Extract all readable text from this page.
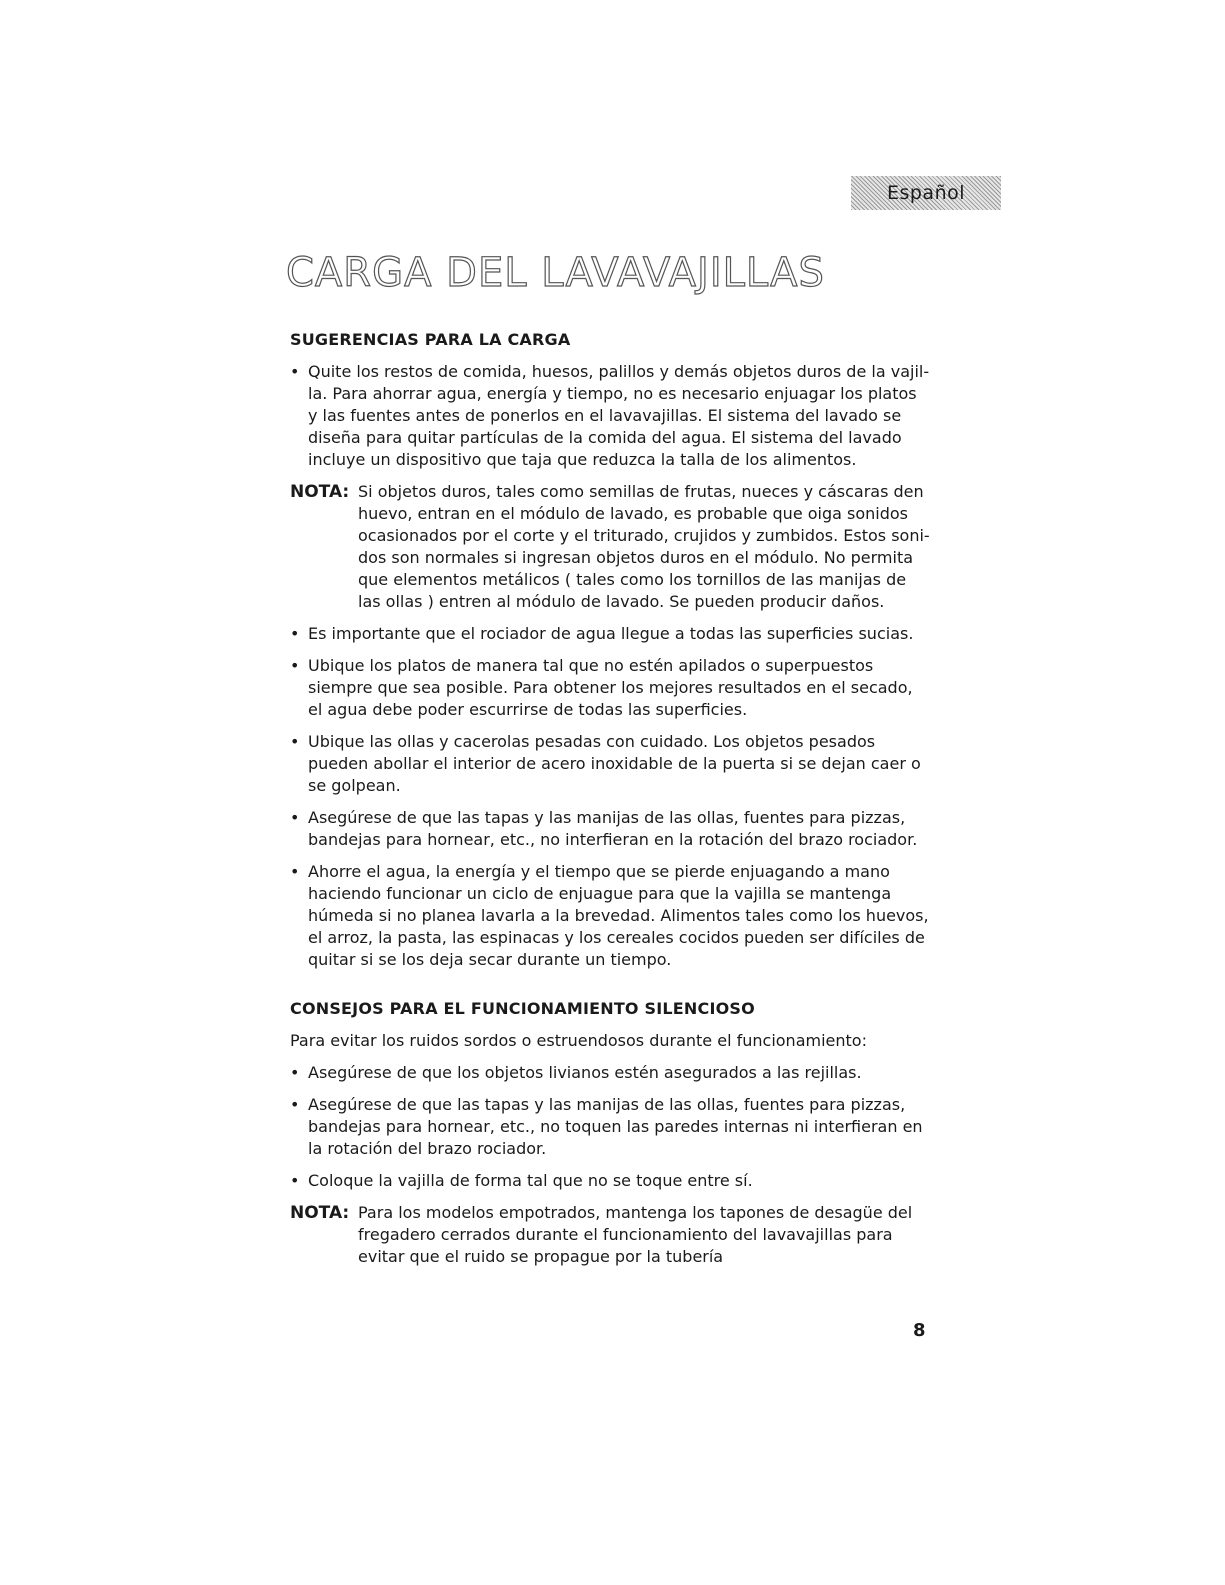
Español
CARGA DEL LAVAVAJILLAS
SUGERENCIAS PARA LA CARGA

• Quite los restos de comida, huesos, palillos y demás objetos duros de la vajil-la. Para ahorrar agua, energía y tiempo, no es necesario enjuagar los platos y las fuentes antes de ponerlos en el lavavajillas. El sistema del lavado se diseña para quitar partículas de la comida del agua. El sistema del lavado incluye un dispositivo que taja que reduzca la talla de los alimentos.

NOTA: Si objetos duros, tales como semillas de frutas, nueces y cáscaras den huevo, entran en el módulo de lavado, es probable que oiga sonidos ocasionados por el corte y el triturado, crujidos y zumbidos. Estos soni-dos son normales si ingresan objetos duros en el módulo. No permita que elementos metálicos ( tales como los tornillos de las manijas de las ollas ) entren al módulo de lavado. Se pueden producir daños.

• Es importante que el rociador de agua llegue a todas las superficies sucias.

• Ubique los platos de manera tal que no estén apilados o superpuestos siempre que sea posible. Para obtener los mejores resultados en el secado, el agua debe poder escurrirse de todas las superficies.

• Ubique las ollas y cacerolas pesadas con cuidado. Los objetos pesados pueden abollar el interior de acero inoxidable de la puerta si se dejan caer o se golpean.

• Asegúrese de que las tapas y las manijas de las ollas, fuentes para pizzas, bandejas para hornear, etc., no interfieran en la rotación del brazo rociador.

• Ahorre el agua, la energía y el tiempo que se pierde enjuagando a mano haciendo funcionar un ciclo de enjuague para que la vajilla se mantenga húmeda si no planea lavarla a la brevedad. Alimentos tales como los huevos, el arroz, la pasta, las espinacas y los cereales cocidos pueden ser difíciles de quitar si se los deja secar durante un tiempo.

CONSEJOS PARA EL FUNCIONAMIENTO SILENCIOSO

Para evitar los ruidos sordos o estruendosos durante el funcionamiento:

• Asegúrese de que los objetos livianos estén asegurados a las rejillas.

• Asegúrese de que las tapas y las manijas de las ollas, fuentes para pizzas, bandejas para hornear, etc., no toquen las paredes internas ni interfieran en la rotación del brazo rociador.

• Coloque la vajilla de forma tal que no se toque entre sí.

NOTA: Para los modelos empotrados, mantenga los tapones de desagüe del fregadero cerrados durante el funcionamiento del lavavajillas para evitar que el ruido se propague por la tubería
8
